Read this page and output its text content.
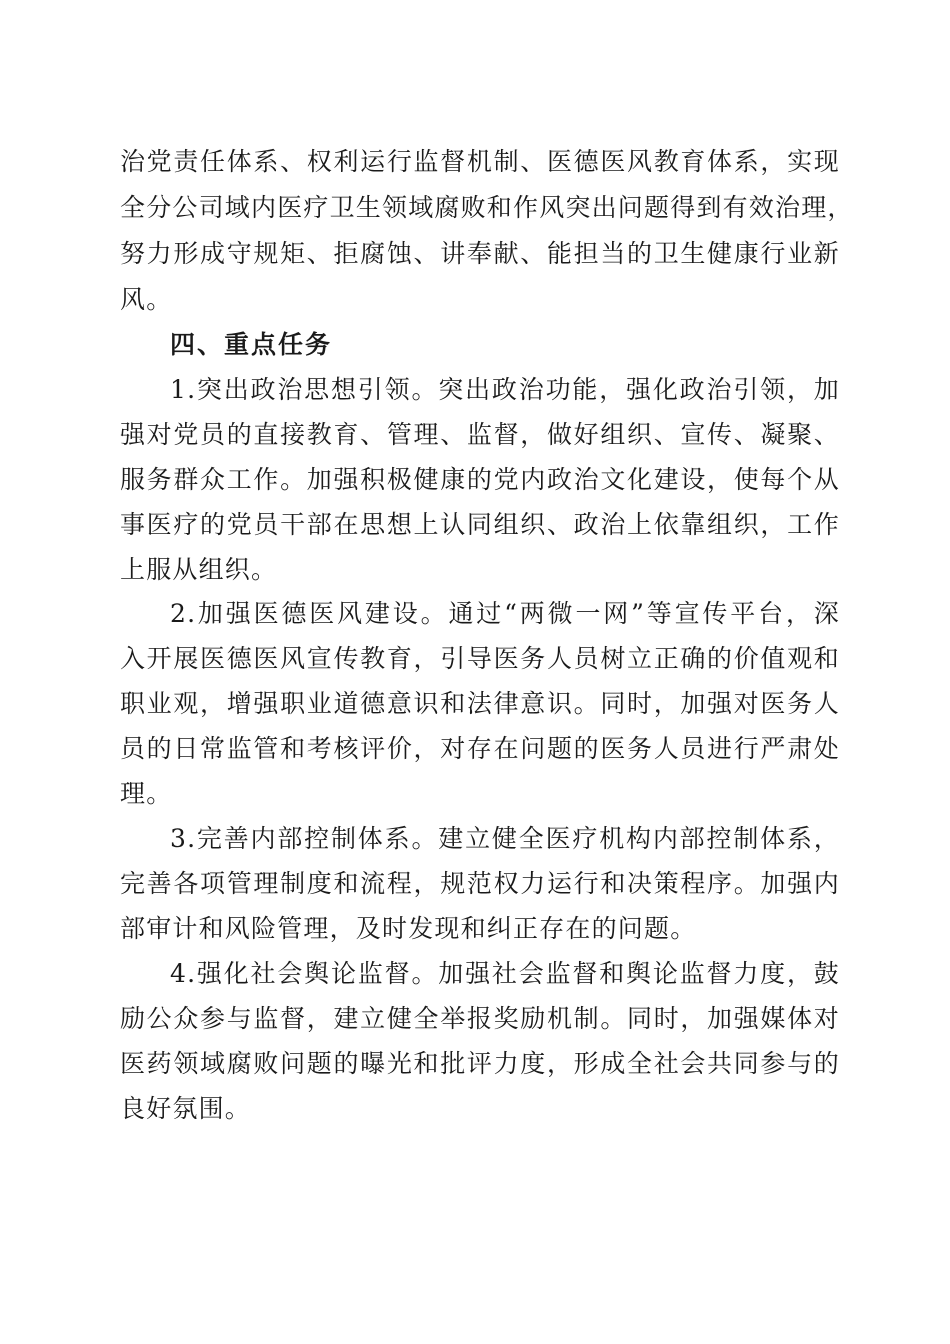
治党责任体系、权利运行监督机制、医德医风教育体系，实现
全分公司域内医疗卫生领域腐败和作风突出问题得到有效治理，
努力形成守规矩、拒腐蚀、讲奉献、能担当的卫生健康行业新
风。
四、重点任务
1.突出政治思想引领。突出政治功能，强化政治引领，加
强对党员的直接教育、管理、监督，做好组织、宣传、凝聚、
服务群众工作。加强积极健康的党内政治文化建设，使每个从
事医疗的党员干部在思想上认同组织、政治上依靠组织，工作
上服从组织。
2.加强医德医风建设。通过“两微一网”等宣传平台，深
入开展医德医风宣传教育，引导医务人员树立正确的价值观和
职业观，增强职业道德意识和法律意识。同时，加强对医务人
员的日常监管和考核评价，对存在问题的医务人员进行严肃处
理。
3.完善内部控制体系。建立健全医疗机构内部控制体系，
完善各项管理制度和流程，规范权力运行和决策程序。加强内
部审计和风险管理，及时发现和纠正存在的问题。
4.强化社会舆论监督。加强社会监督和舆论监督力度，鼓
励公众参与监督，建立健全举报奖励机制。同时，加强媒体对
医药领域腐败问题的曝光和批评力度，形成全社会共同参与的
良好氛围。
